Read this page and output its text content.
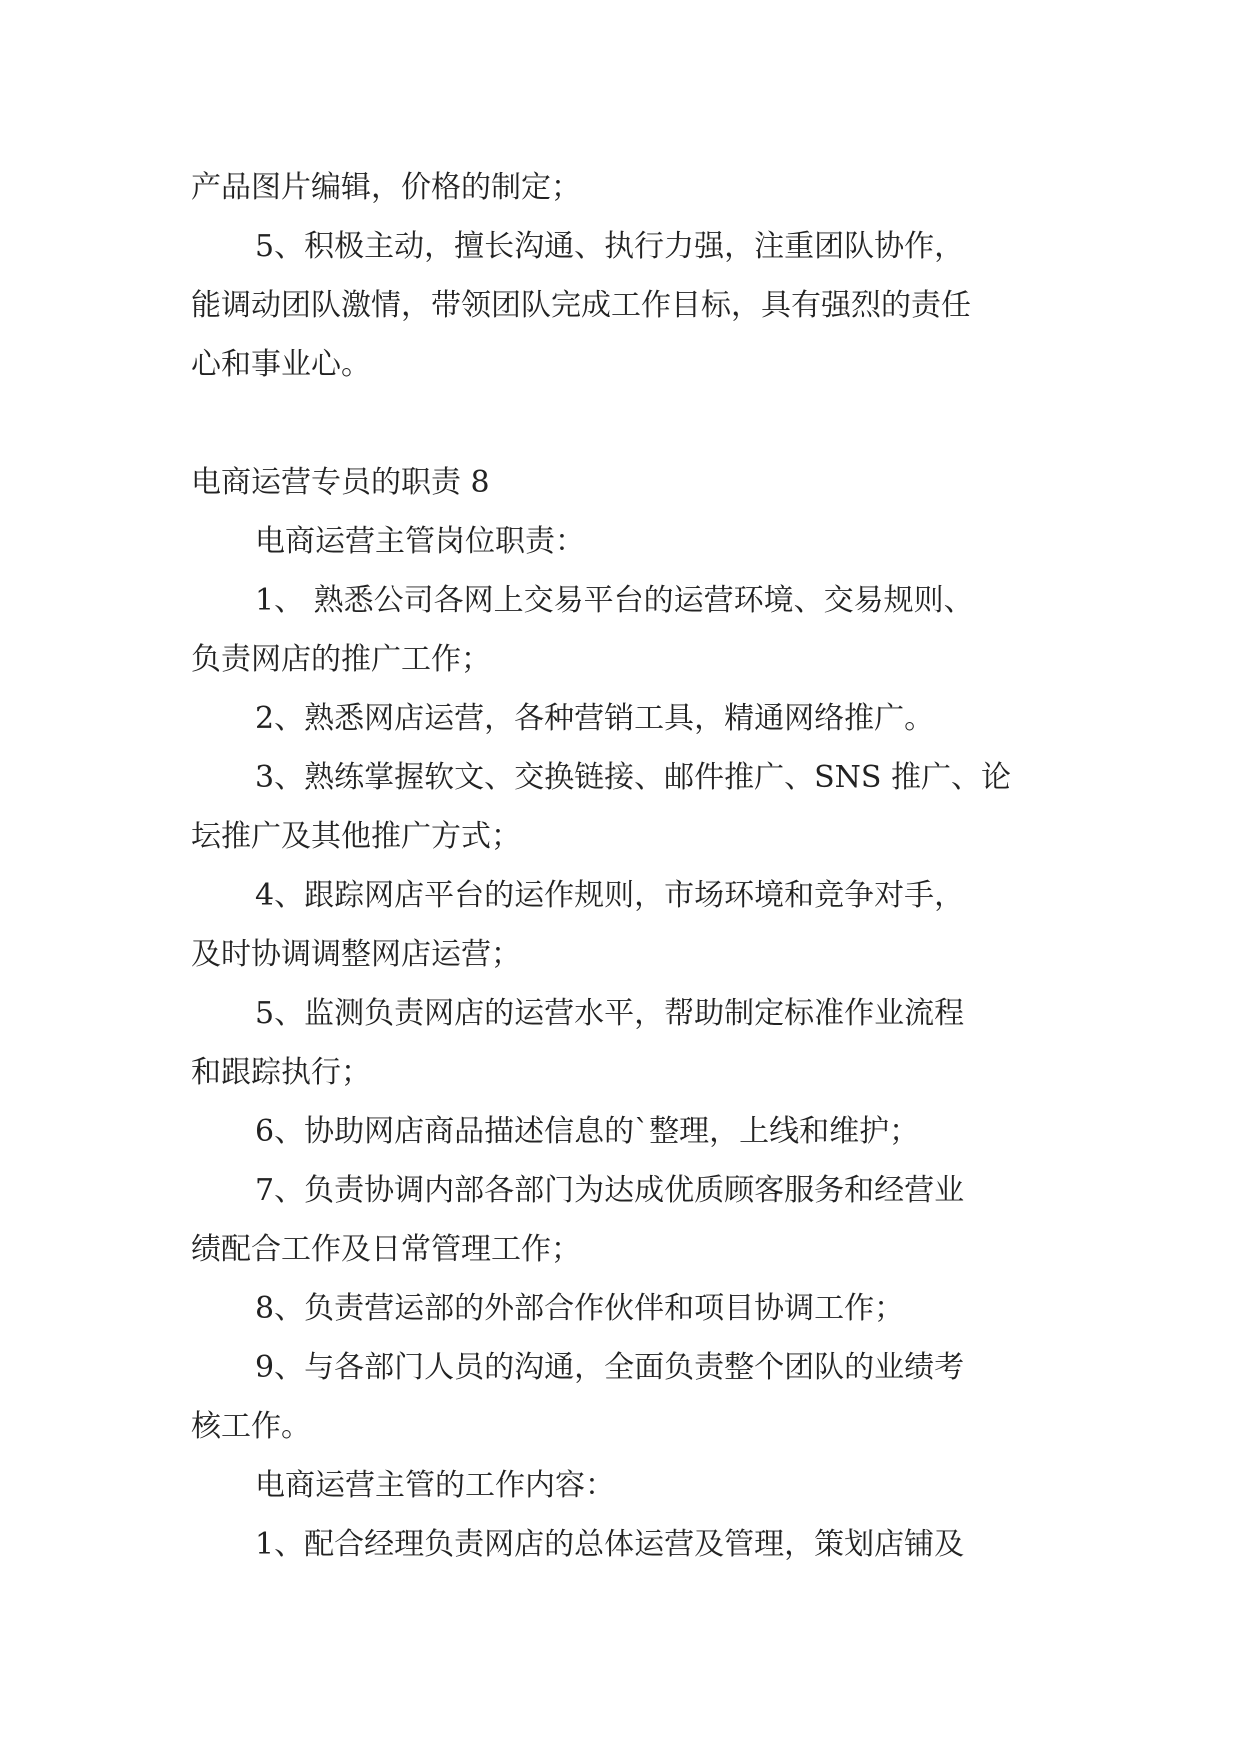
产品图片编辑，价格的制定；

5、积极主动，擅长沟通、执行力强，注重团队协作，

能调动团队激情，带领团队完成工作目标，具有强烈的责任

心和事业心。

电商运营专员的职责 8

电商运营主管岗位职责：

1、 熟悉公司各网上交易平台的运营环境、交易规则、

负责网店的推广工作；

2、熟悉网店运营，各种营销工具，精通网络推广。

3、熟练掌握软文、交换链接、邮件推广、SNS 推广、论

坛推广及其他推广方式；

4、跟踪网店平台的运作规则，市场环境和竞争对手，

及时协调调整网店运营；

5、监测负责网店的运营水平，帮助制定标准作业流程

和跟踪执行；

6、协助网店商品描述信息的`整理，上线和维护；

7、负责协调内部各部门为达成优质顾客服务和经营业

绩配合工作及日常管理工作；

8、负责营运部的外部合作伙伴和项目协调工作；

9、与各部门人员的沟通，全面负责整个团队的业绩考

核工作。

电商运营主管的工作内容：

1、配合经理负责网店的总体运营及管理，策划店铺及
